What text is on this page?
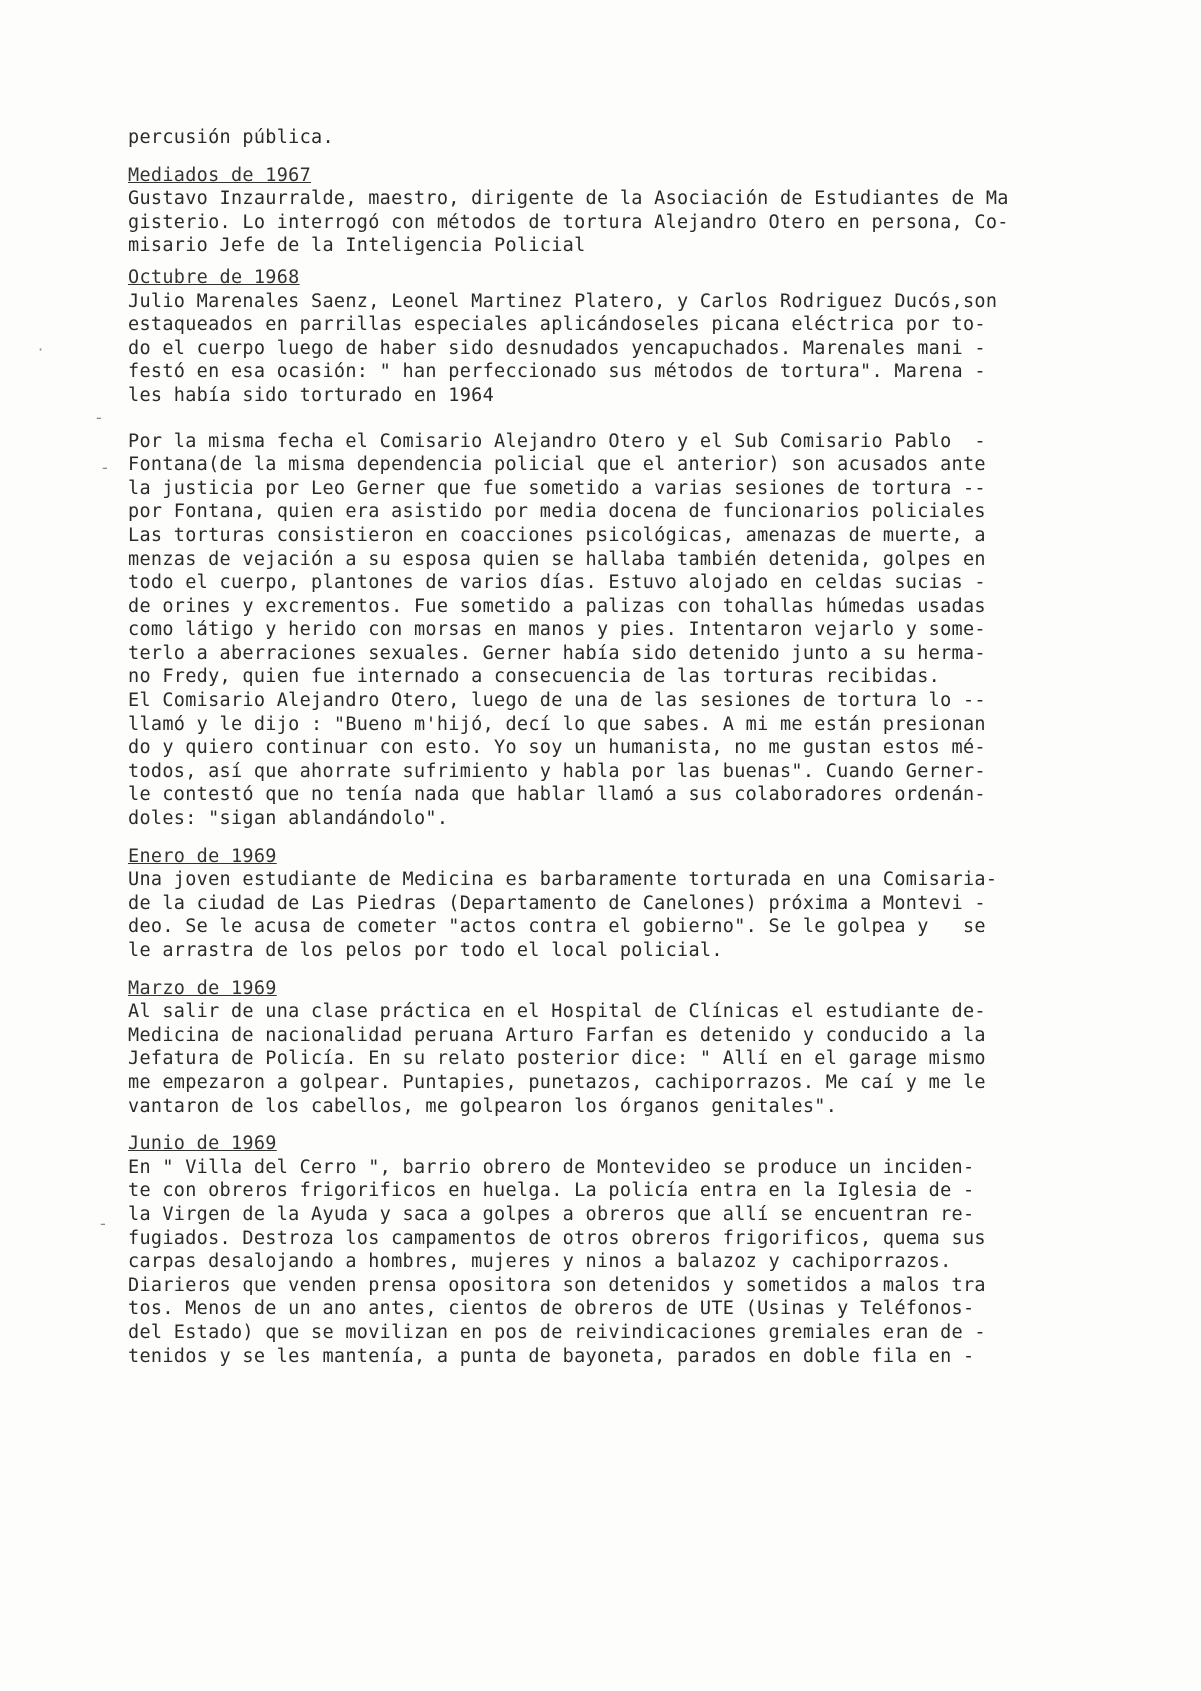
percusión pública.
Mediados de 1967
Gustavo Inzaurralde, maestro, dirigente de la Asociación de Estudiantes de Ma
gisterio. Lo interrogó con métodos de tortura Alejandro Otero en persona, Co-
misario Jefe de la Inteligencia Policial
Octubre de 1968
Julio Marenales Saenz, Leonel Martinez Platero, y Carlos Rodriguez Ducós,son
estaqueados en parrillas especiales aplicándoseles picana eléctrica por to-
do el cuerpo luego de haber sido desnudados yencapuchados. Marenales mani -
festó en esa ocasión: " han perfeccionado sus métodos de tortura". Marena -
les había sido torturado en 1964
Por la misma fecha el Comisario Alejandro Otero y el Sub Comisario Pablo  -
Fontana(de la misma dependencia policial que el anterior) son acusados ante
la justicia por Leo Gerner que fue sometido a varias sesiones de tortura --
por Fontana, quien era asistido por media docena de funcionarios policiales
Las torturas consistieron en coacciones psicológicas, amenazas de muerte, a
menzas de vejación a su esposa quien se hallaba también detenida, golpes en
todo el cuerpo, plantones de varios días. Estuvo alojado en celdas sucias -
de orines y excrementos. Fue sometido a palizas con tohallas húmedas usadas
como látigo y herido con morsas en manos y pies. Intentaron vejarlo y some-
terlo a aberraciones sexuales. Gerner había sido detenido junto a su herma-
no Fredy, quien fue internado a consecuencia de las torturas recibidas.
El Comisario Alejandro Otero, luego de una de las sesiones de tortura lo --
llamó y le dijo : "Bueno m'hijó, decí lo que sabes. A mi me están presionan
do y quiero continuar con esto. Yo soy un humanista, no me gustan estos mé-
todos, así que ahorrate sufrimiento y habla por las buenas". Cuando Gerner-
le contestó que no tenía nada que hablar llamó a sus colaboradores ordenán-
doles: "sigan ablandándolo".
Enero de 1969
Una joven estudiante de Medicina es barbaramente torturada en una Comisaria-
de la ciudad de Las Piedras (Departamento de Canelones) próxima a Montevi -
deo. Se le acusa de cometer "actos contra el gobierno". Se le golpea y   se
le arrastra de los pelos por todo el local policial.
Marzo de 1969
Al salir de una clase práctica en el Hospital de Clínicas el estudiante de-
Medicina de nacionalidad peruana Arturo Farfan es detenido y conducido a la
Jefatura de Policía. En su relato posterior dice: " Allí en el garage mismo
me empezaron a golpear. Puntapies, punetazos, cachiporrazos. Me caí y me le
vantaron de los cabellos, me golpearon los órganos genitales".
Junio de 1969
En " Villa del Cerro ", barrio obrero de Montevideo se produce un inciden-
te con obreros frigorificos en huelga. La policía entra en la Iglesia de -
la Virgen de la Ayuda y saca a golpes a obreros que allí se encuentran re-
fugiados. Destroza los campamentos de otros obreros frigorificos, quema sus
carpas desalojando a hombres, mujeres y ninos a balazoz y cachiporrazos.
Diarieros que venden prensa opositora son detenidos y sometidos a malos tra
tos. Menos de un ano antes, cientos de obreros de UTE (Usinas y Teléfonos-
del Estado) que se movilizan en pos de reivindicaciones gremiales eran de -
tenidos y se les mantenía, a punta de bayoneta, parados en doble fila en -
·
-
-
-
